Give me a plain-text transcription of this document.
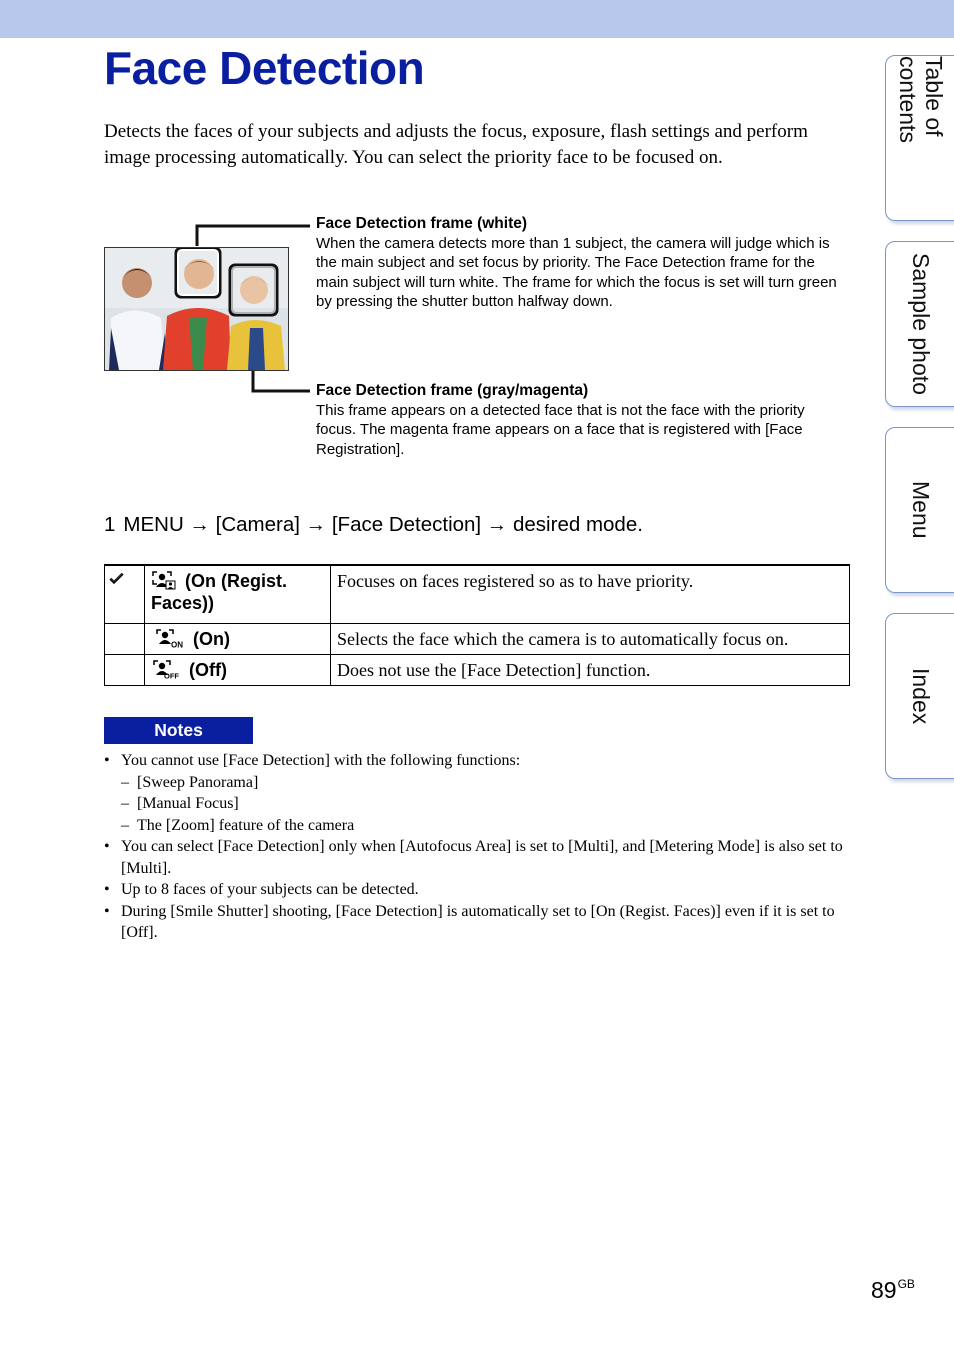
Face Detection

Detects the faces of your subjects and adjusts the focus, exposure, flash settings and perform image processing automatically. You can select the priority face to be focused on.

Face Detection frame (white)
When the camera detects more than 1 subject, the camera will judge which is the main subject and set focus by priority. The Face Detection frame for the main subject will turn white. The frame for which the focus is set will turn green by pressing the shutter button halfway down.
Face Detection frame (gray/magenta)
This frame appears on a detected face that is not the face with the priority focus. The magenta frame appears on a face that is registered with [Face Registration].
1 MENU → [Camera] → [Face Detection] → desired mode.
	(On (Regist. Faces))	Focuses on faces registered so as to have priority.

ON (On)	Selects the face which the camera is to automatically focus on.

OFF (Off)	Does not use the [Face Detection] function.
Notes
• You cannot use [Face Detection] with the following functions:
– [Sweep Panorama]
– [Manual Focus]
– The [Zoom] feature of the camera
• You can select [Face Detection] only when [Autofocus Area] is set to [Multi], and [Metering Mode] is also set to [Multi].
• Up to 8 faces of your subjects can be detected.
• During [Smile Shutter] shooting, [Face Detection] is automatically set to [On (Regist. Faces)] even if it is set to [Off].
Table of contents
Sample photo
Menu
Index
$89^{GB}$
